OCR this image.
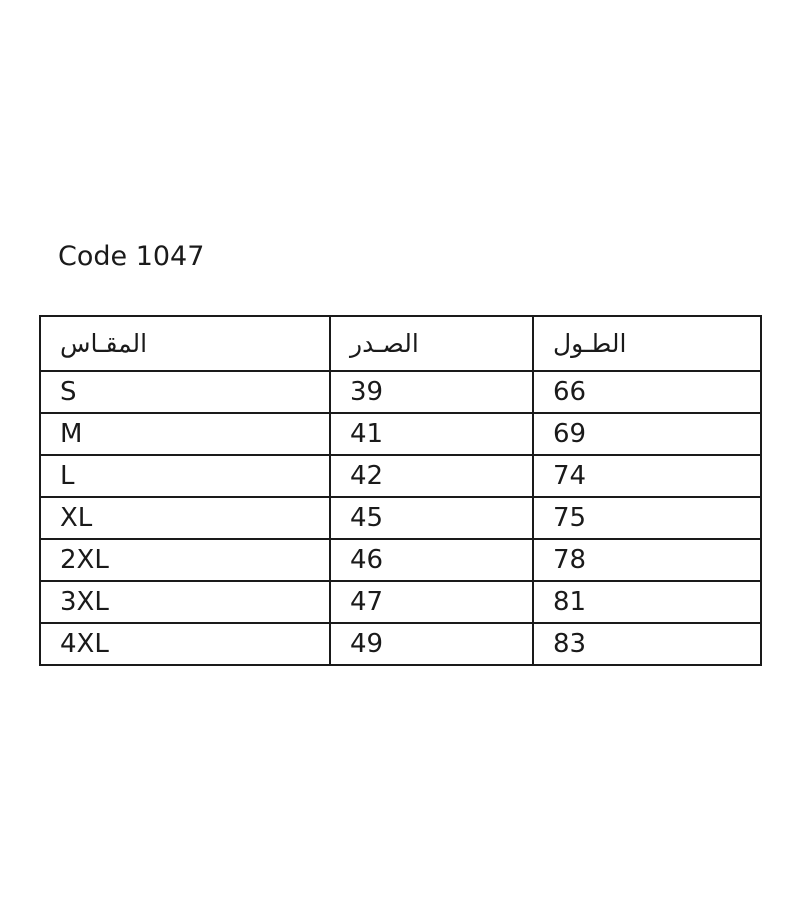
Code 1047
المقـاس	الصـدر	الطـول
S	39	66
M	41	69
L	42	74
XL	45	75
2XL	46	78
3XL	47	81
4XL	49	83
